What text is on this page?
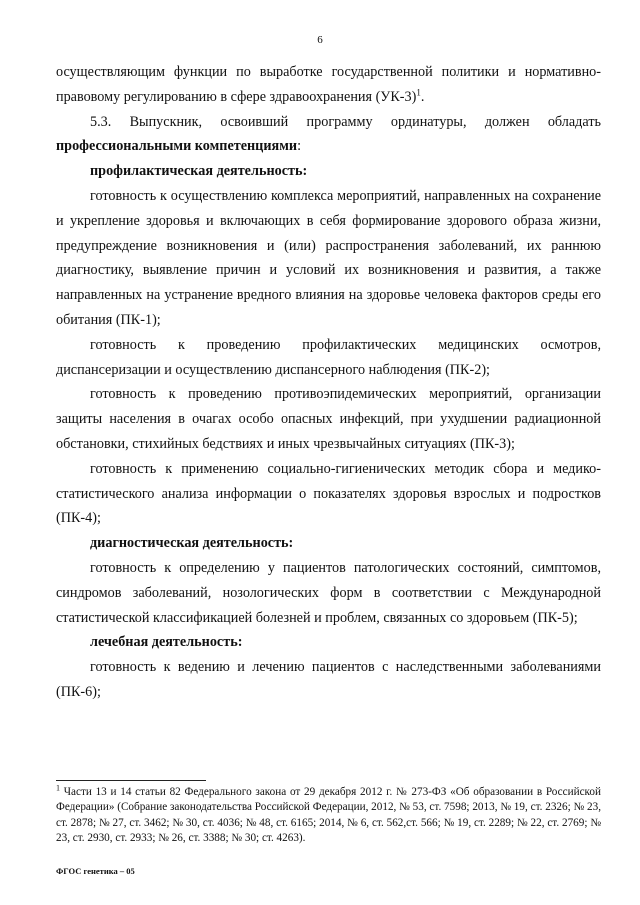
6

осуществляющим функции по выработке государственной политики и нормативно-правовому регулированию в сфере здравоохранения $(УК-3)^1$.

5.3. Выпускник, освоивший программу ординатуры, должен обладать профессиональными компетенциями:

профилактическая деятельность:

готовность к осуществлению комплекса мероприятий, направленных на сохранение и укрепление здоровья и включающих в себя формирование здорового образа жизни, предупреждение возникновения и (или) распространения заболеваний, их раннюю диагностику, выявление причин и условий их возникновения и развития, а также направленных на устранение вредного влияния на здоровье человека факторов среды его обитания (ПК-1);

готовность к проведению профилактических медицинских осмотров, диспансеризации и осуществлению диспансерного наблюдения (ПК-2);

готовность к проведению противоэпидемических мероприятий, организации защиты населения в очагах особо опасных инфекций, при ухудшении радиационной обстановки, стихийных бедствиях и иных чрезвычайных ситуациях (ПК-3);

готовность к применению социально-гигиенических методик сбора и медико-статистического анализа информации о показателях здоровья взрослых и подростков (ПК-4);

диагностическая деятельность:

готовность к определению у пациентов патологических состояний, симптомов, синдромов заболеваний, нозологических форм в соответствии с Международной статистической классификацией болезней и проблем, связанных со здоровьем (ПК-5);

лечебная деятельность:

готовность к ведению и лечению пациентов с наследственными заболеваниями (ПК-6);

$^1$ Части 13 и 14 статьи 82 Федерального закона от 29 декабря 2012 г. № 273-ФЗ «Об образовании в Российской Федерации» (Собрание законодательства Российской Федерации, 2012, № 53, ст. 7598; 2013, № 19, ст. 2326; № 23, ст. 2878; № 27, ст. 3462; № 30, ст. 4036; № 48, ст. 6165; 2014, № 6, ст. 562,ст. 566; № 19, ст. 2289; № 22, ст. 2769; № 23, ст. 2930, ст. 2933; № 26, ст. 3388; № 30; ст. 4263).
ФГОС генетика – 05
